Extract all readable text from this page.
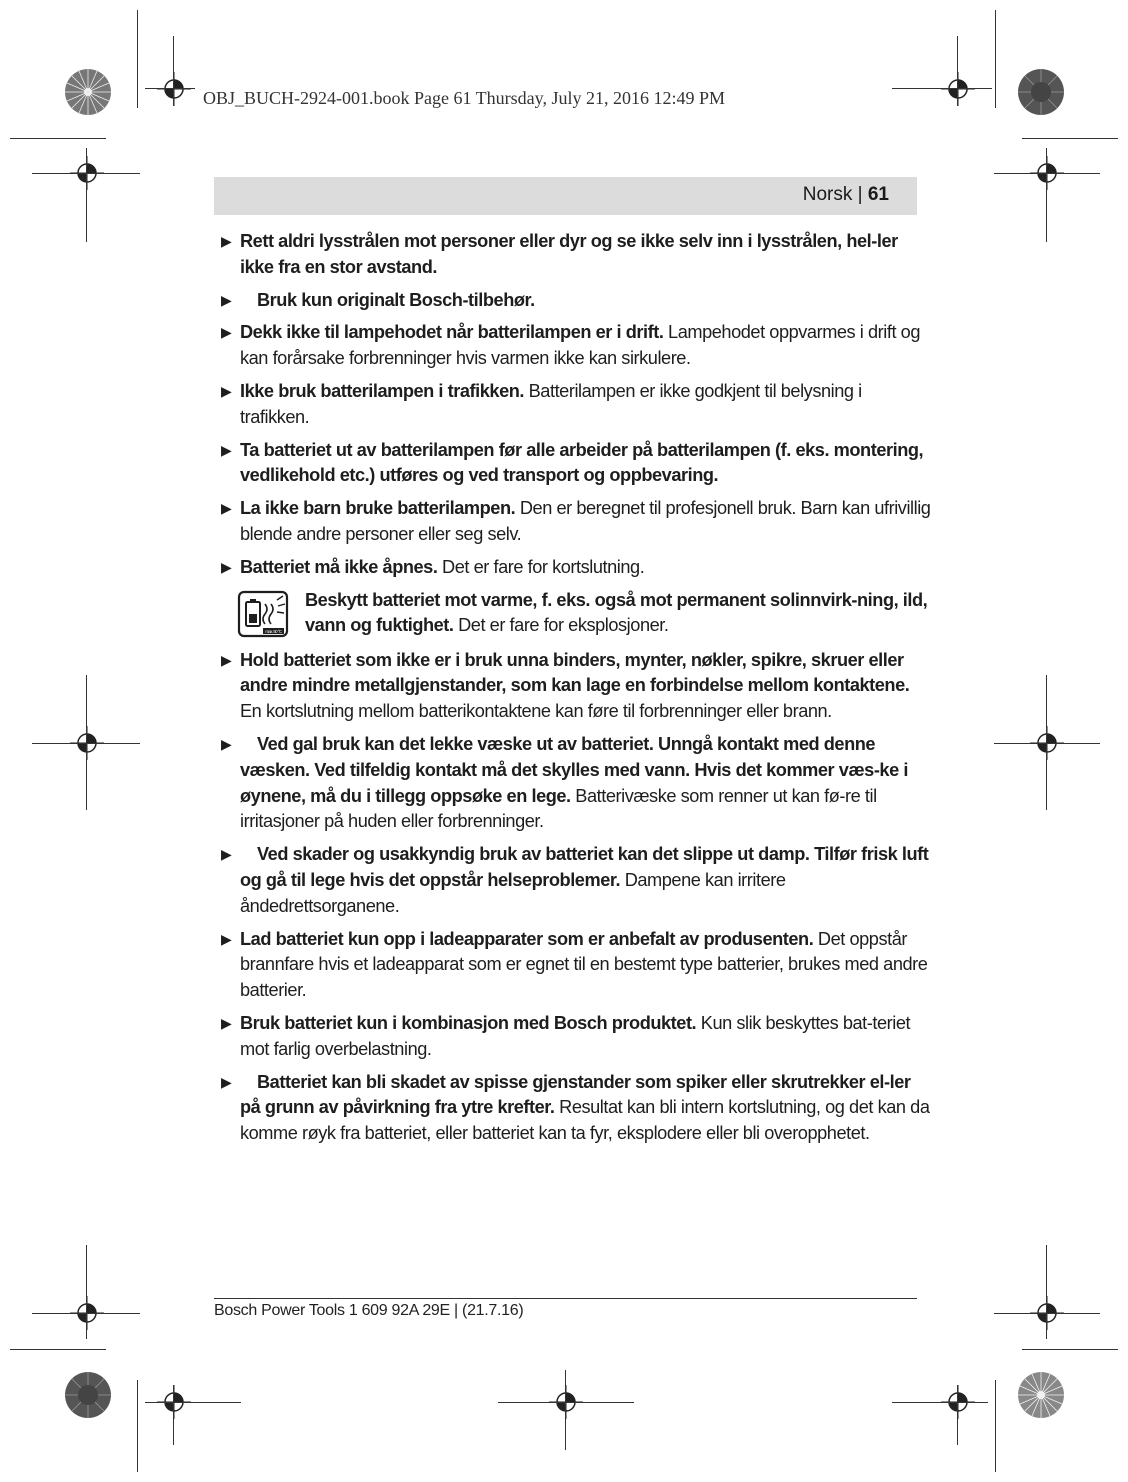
OBJ_BUCH-2924-001.book Page 61 Thursday, July 21, 2016 12:49 PM
Norsk | 61
▶ Rett aldri lysstrålen mot personer eller dyr og se ikke selv inn i lysstrålen, hel-ler ikke fra en stor avstand.
▶ Bruk kun originalt Bosch-tilbehør.
▶ Dekk ikke til lampehodet når batterilampen er i drift. Lampehodet oppvarmes i drift og kan forårsake forbrenninger hvis varmen ikke kan sirkulere.
▶ Ikke bruk batterilampen i trafikken. Batterilampen er ikke godkjent til belysning i trafikken.
▶ Ta batteriet ut av batterilampen før alle arbeider på batterilampen (f. eks. montering, vedlikehold etc.) utføres og ved transport og oppbevaring.
▶ La ikke barn bruke batterilampen. Den er beregnet til profesjonell bruk. Barn kan ufrivillig blende andre personer eller seg selv.
▶ Batteriet må ikke åpnes. Det er fare for kortslutning.
max. 50 °C
Beskytt batteriet mot varme, f. eks. også mot permanent solinnvirk-ning, ild, vann og fuktighet. Det er fare for eksplosjoner.
▶ Hold batteriet som ikke er i bruk unna binders, mynter, nøkler, spikre, skruer eller andre mindre metallgjenstander, som kan lage en forbindelse mellom kontaktene. En kortslutning mellom batterikontaktene kan føre til forbrenninger eller brann.
▶ Ved gal bruk kan det lekke væske ut av batteriet. Unngå kontakt med denne væsken. Ved tilfeldig kontakt må det skylles med vann. Hvis det kommer væs-ke i øynene, må du i tillegg oppsøke en lege. Batterivæske som renner ut kan fø-re til irritasjoner på huden eller forbrenninger.
▶ Ved skader og usakkyndig bruk av batteriet kan det slippe ut damp. Tilfør frisk luft og gå til lege hvis det oppstår helseproblemer. Dampene kan irritere åndedrettsorganene.
▶ Lad batteriet kun opp i ladeapparater som er anbefalt av produsenten. Det oppstår brannfare hvis et ladeapparat som er egnet til en bestemt type batterier, brukes med andre batterier.
▶ Bruk batteriet kun i kombinasjon med Bosch produktet. Kun slik beskyttes bat-teriet mot farlig overbelastning.
▶ Batteriet kan bli skadet av spisse gjenstander som spiker eller skrutrekker el-ler på grunn av påvirkning fra ytre krefter. Resultat kan bli intern kortslutning, og det kan da komme røyk fra batteriet, eller batteriet kan ta fyr, eksplodere eller bli overopphetet.
Bosch Power Tools 1 609 92A 29E | (21.7.16)
